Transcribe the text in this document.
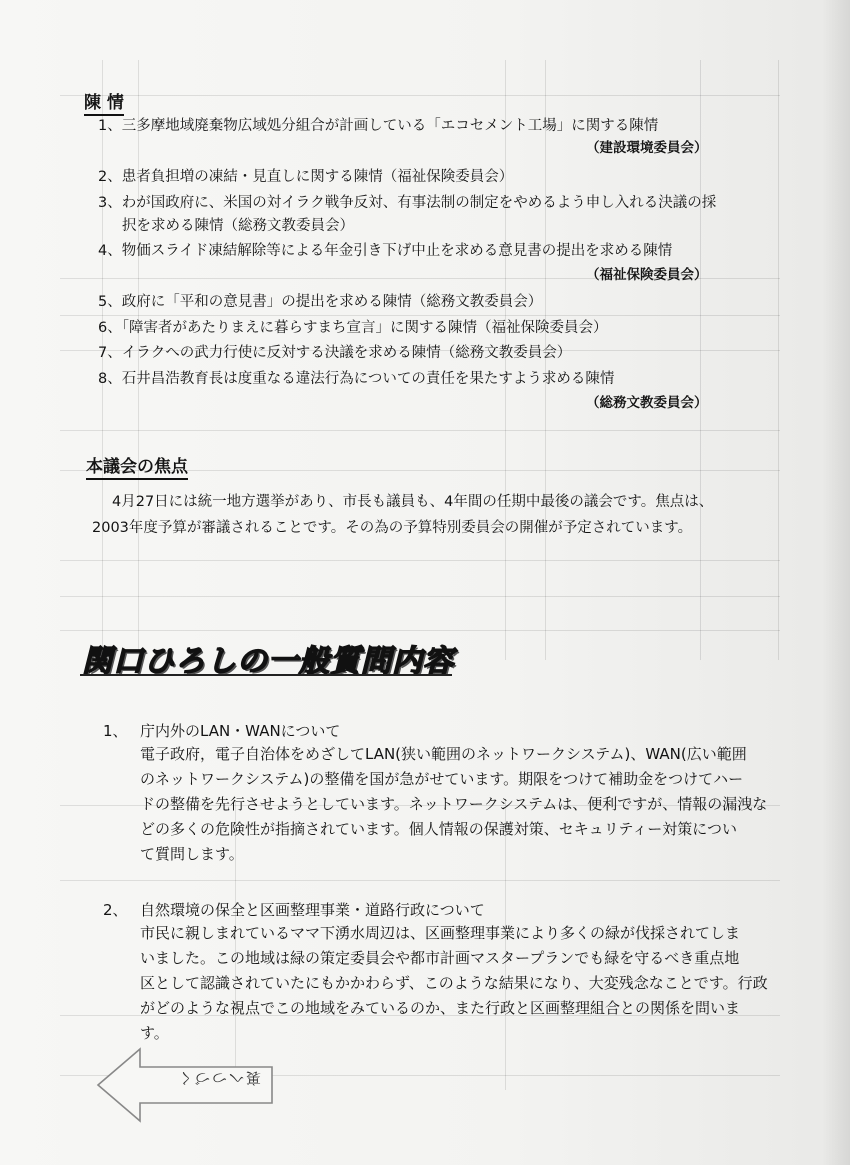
陳 情
1、三多摩地域廃棄物広域処分組合が計画している「エコセメント工場」に関する陳情
（建設環境委員会）
2、患者負担増の凍結・見直しに関する陳情（福祉保険委員会）
3、わが国政府に、米国の対イラク戦争反対、有事法制の制定をやめるよう申し入れる決議の採
択を求める陳情（総務文教委員会）
4、物価スライド凍結解除等による年金引き下げ中止を求める意見書の提出を求める陳情
（福祉保険委員会）
5、政府に「平和の意見書」の提出を求める陳情（総務文教委員会）
6、「障害者があたりまえに暮らすまち宣言」に関する陳情（福祉保険委員会）
7、イラクへの武力行使に反対する決議を求める陳情（総務文教委員会）
8、石井昌浩教育長は度重なる違法行為についての責任を果たすよう求める陳情
（総務文教委員会）
本議会の焦点
4月27日には統一地方選挙があり、市長も議員も、4年間の任期中最後の議会です。焦点は、
2003年度予算が審議されることです。その為の予算特別委員会の開催が予定されています。
関口ひろしの一般質問内容
1、 庁内外のLAN・WANについて
電子政府，電子自治体をめざしてLAN(狭い範囲のネットワークシステム)、WAN(広い範囲
のネットワークシステム)の整備を国が急がせています。期限をつけて補助金をつけてハー
ドの整備を先行させようとしています。ネットワークシステムは、便利ですが、情報の漏洩な
どの多くの危険性が指摘されています。個人情報の保護対策、セキュリティー対策につい
て質問します。
2、 自然環境の保全と区画整理事業・道路行政について
市民に親しまれているママ下湧水周辺は、区画整理事業により多くの緑が伐採されてしま
いました。この地域は緑の策定委員会や都市計画マスタープランでも緑を守るべき重点地
区として認識されていたにもかかわらず、このような結果になり、大変残念なことです。行政
がどのような視点でこの地域をみているのか、また行政と区画整理組合との関係を問いま
す。
裏へつづく
